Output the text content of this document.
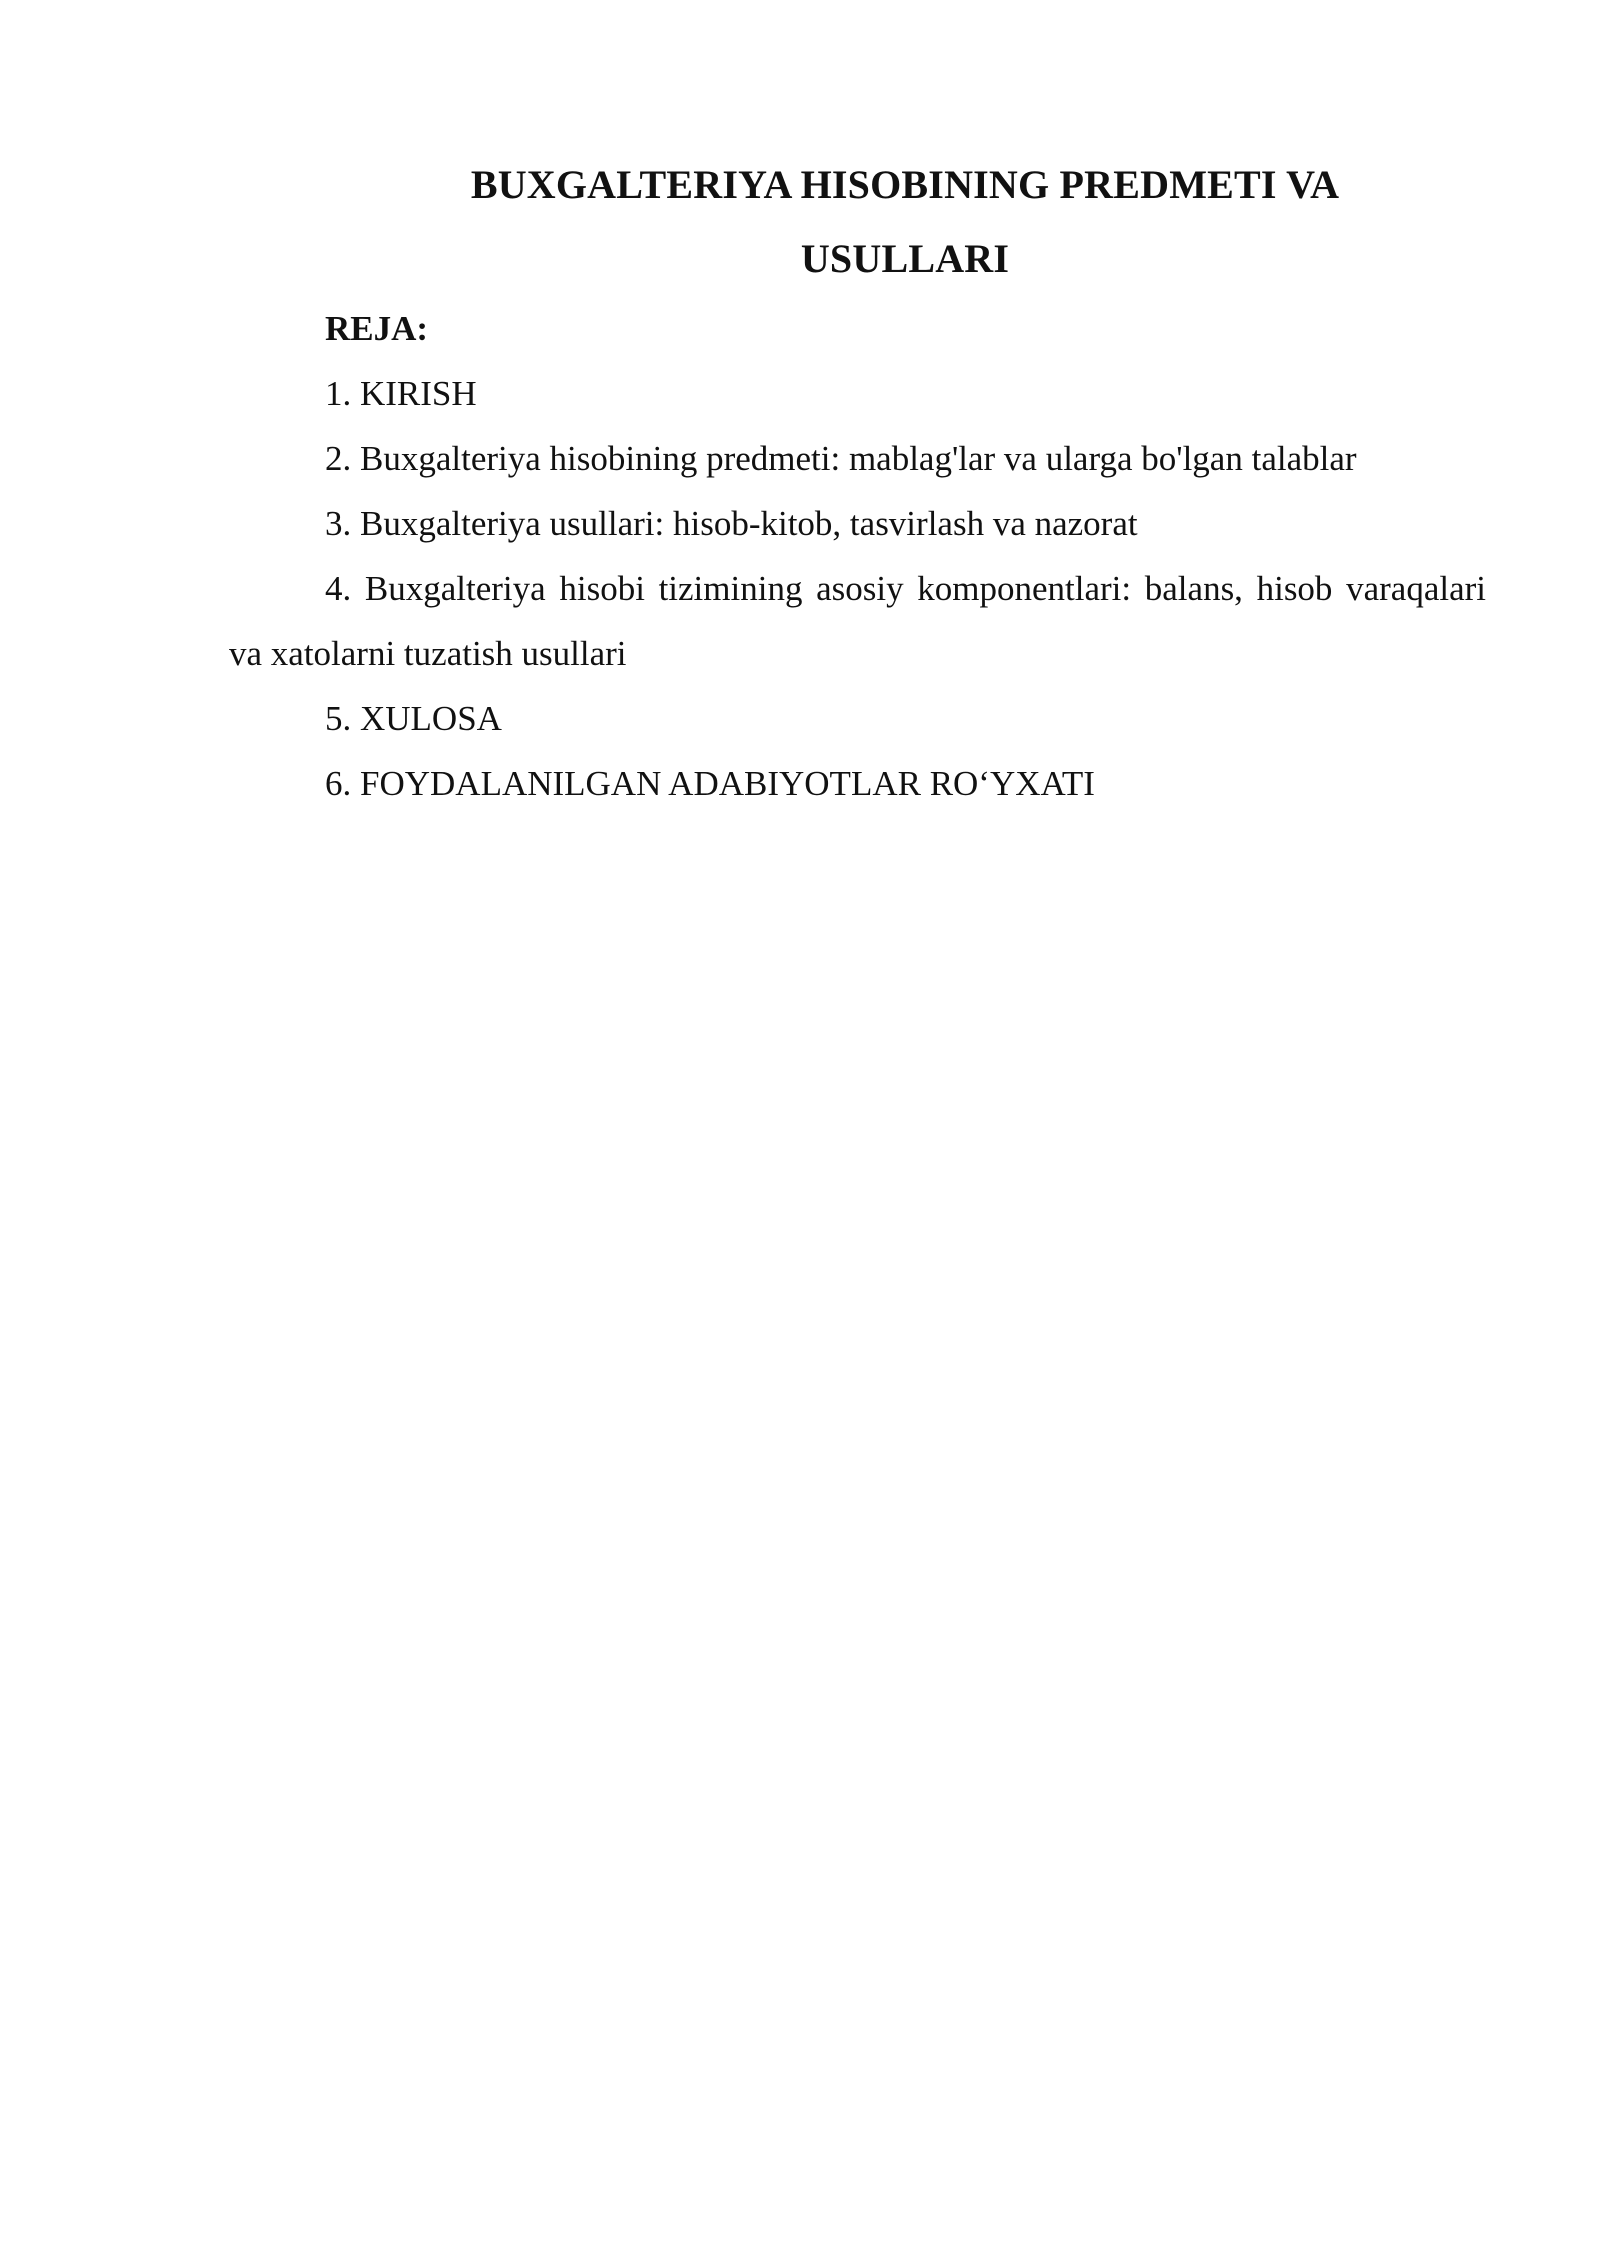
BUXGALTERIYA HISOBINING PREDMETI VA
USULLARI

REJA:

1. KIRISH
2. Buxgalteriya hisobining predmeti: mablag'lar va ularga bo'lgan talablar
3. Buxgalteriya usullari: hisob-kitob, tasvirlash va nazorat
4. Buxgalteriya hisobi tizimining asosiy komponentlari: balans, hisob varaqalari va xatolarni tuzatish usullari
5. XULOSA
6. FOYDALANILGAN ADABIYOTLAR RO‘YXATI
